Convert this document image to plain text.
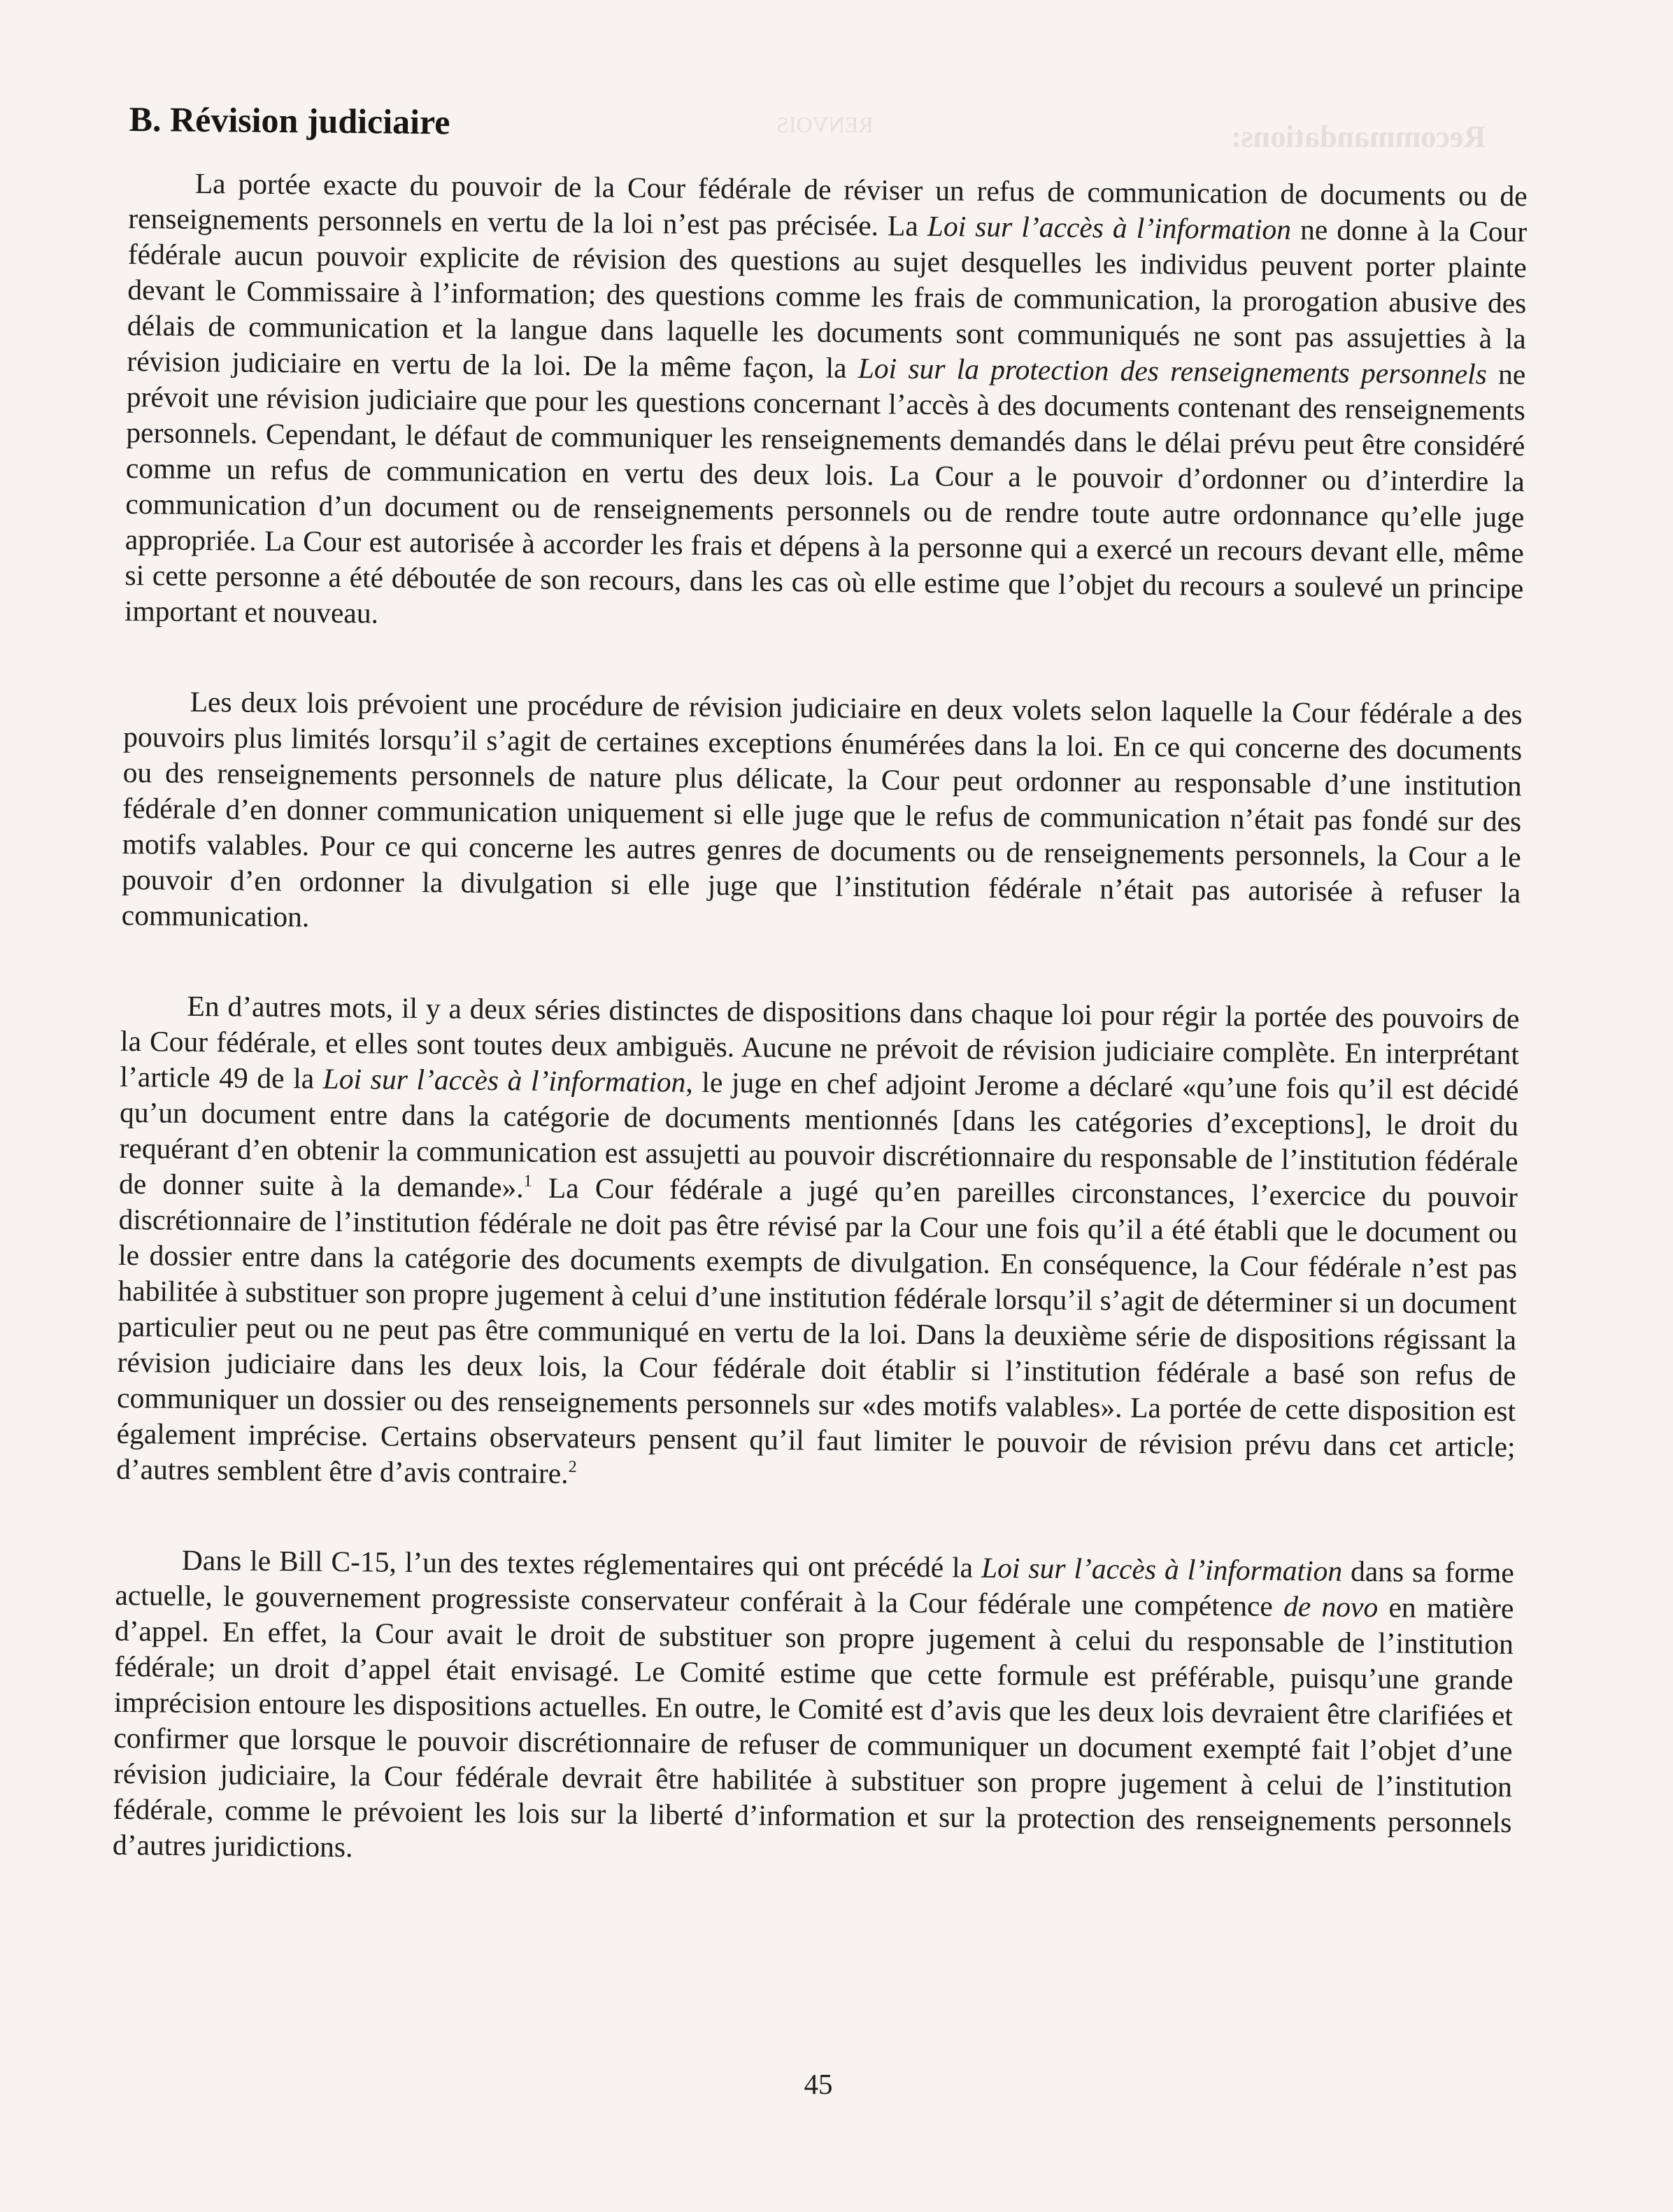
Recommandations:
RENVOIS
B. Révision judiciaire

La portée exacte du pouvoir de la Cour fédérale de réviser un refus de communication de documents ou de renseignements personnels en vertu de la loi n’est pas précisée. La Loi sur l’accès à l’information ne donne à la Cour fédérale aucun pouvoir explicite de révision des questions au sujet desquelles les individus peuvent porter plainte devant le Commissaire à l’information; des questions comme les frais de communication, la prorogation abusive des délais de communication et la langue dans laquelle les documents sont communiqués ne sont pas assujetties à la révision judiciaire en vertu de la loi. De la même façon, la Loi sur la protection des renseignements personnels ne prévoit une révision judiciaire que pour les questions concernant l’accès à des documents contenant des renseignements personnels. Cependant, le défaut de communiquer les renseignements demandés dans le délai prévu peut être considéré comme un refus de communication en vertu des deux lois. La Cour a le pouvoir d’ordonner ou d’interdire la communication d’un document ou de renseignements personnels ou de rendre toute autre ordonnance qu’elle juge appropriée. La Cour est autorisée à accorder les frais et dépens à la personne qui a exercé un recours devant elle, même si cette personne a été déboutée de son recours, dans les cas où elle estime que l’objet du recours a soulevé un principe important et nouveau.

Les deux lois prévoient une procédure de révision judiciaire en deux volets selon laquelle la Cour fédérale a des pouvoirs plus limités lorsqu’il s’agit de certaines exceptions énumérées dans la loi. En ce qui concerne des documents ou des renseignements personnels de nature plus délicate, la Cour peut ordonner au responsable d’une institution fédérale d’en donner communication uniquement si elle juge que le refus de communication n’était pas fondé sur des motifs valables. Pour ce qui concerne les autres genres de documents ou de renseignements personnels, la Cour a le pouvoir d’en ordonner la divulgation si elle juge que l’institution fédérale n’était pas autorisée à refuser la communication.

En d’autres mots, il y a deux séries distinctes de dispositions dans chaque loi pour régir la portée des pouvoirs de la Cour fédérale, et elles sont toutes deux ambiguës. Aucune ne prévoit de révision judiciaire complète. En interprétant l’article 49 de la Loi sur l’accès à l’information, le juge en chef adjoint Jerome a déclaré «qu’une fois qu’il est décidé qu’un document entre dans la catégorie de documents mentionnés [dans les catégories d’exceptions], le droit du requérant d’en obtenir la communication est assujetti au pouvoir discrétionnaire du responsable de l’institution fédérale de donner suite à la demande».$^1$ La Cour fédérale a jugé qu’en pareilles circonstances, l’exercice du pouvoir discrétionnaire de l’institution fédérale ne doit pas être révisé par la Cour une fois qu’il a été établi que le document ou le dossier entre dans la catégorie des documents exempts de divulgation. En conséquence, la Cour fédérale n’est pas habilitée à substituer son propre jugement à celui d’une institution fédérale lorsqu’il s’agit de déterminer si un document particulier peut ou ne peut pas être communiqué en vertu de la loi. Dans la deuxième série de dispositions régissant la révision judiciaire dans les deux lois, la Cour fédérale doit établir si l’institution fédérale a basé son refus de communiquer un dossier ou des renseignements personnels sur «des motifs valables». La portée de cette disposition est également imprécise. Certains observateurs pensent qu’il faut limiter le pouvoir de révision prévu dans cet article; d’autres semblent être d’avis contraire.$^2$

Dans le Bill C-15, l’un des textes réglementaires qui ont précédé la Loi sur l’accès à l’information dans sa forme actuelle, le gouvernement progressiste conservateur conférait à la Cour fédérale une compétence de novo en matière d’appel. En effet, la Cour avait le droit de substituer son propre jugement à celui du responsable de l’institution fédérale; un droit d’appel était envisagé. Le Comité estime que cette formule est préférable, puisqu’une grande imprécision entoure les dispositions actuelles. En outre, le Comité est d’avis que les deux lois devraient être clarifiées et confirmer que lorsque le pouvoir discrétionnaire de refuser de communiquer un document exempté fait l’objet d’une révision judiciaire, la Cour fédérale devrait être habilitée à substituer son propre jugement à celui de l’institution fédérale, comme le prévoient les lois sur la liberté d’information et sur la protection des renseignements personnels d’autres juridictions.

45
